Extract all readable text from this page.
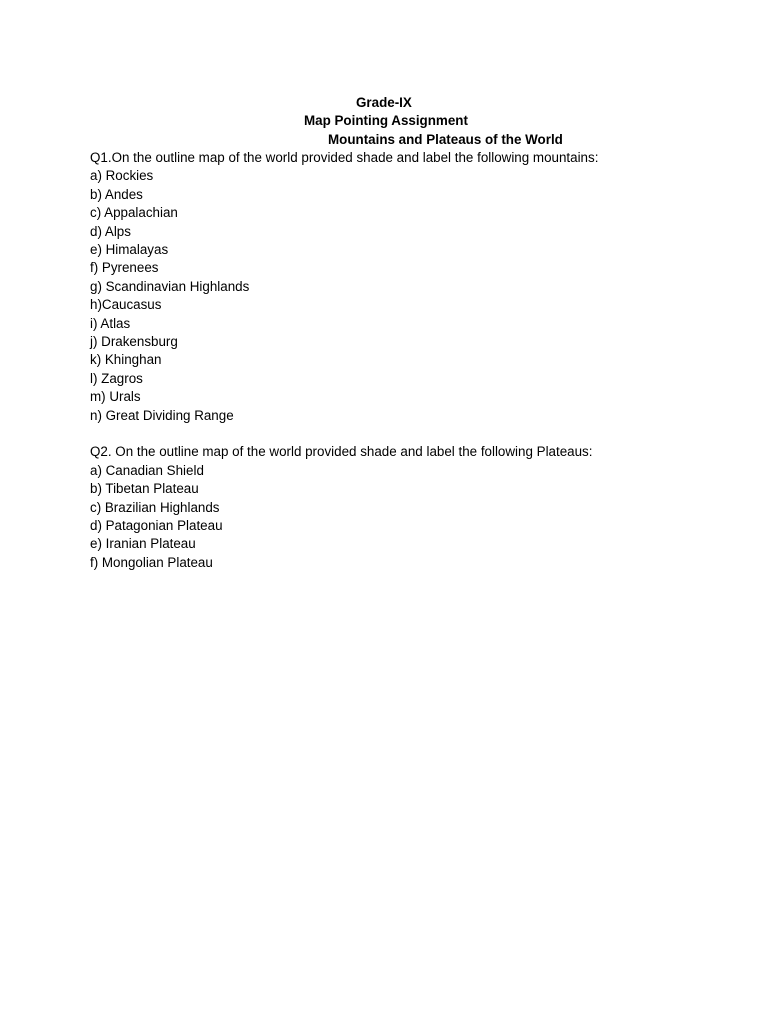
Grade-IX
Map Pointing Assignment
Mountains and Plateaus of the World
Q1.On the outline map of the world provided shade and label the following mountains:
a) Rockies
b) Andes
c) Appalachian
d) Alps
e) Himalayas
f) Pyrenees
g) Scandinavian Highlands
h)Caucasus
i) Atlas
j) Drakensburg
k) Khinghan
l) Zagros
m) Urals
n) Great Dividing Range
Q2. On the outline map of the world provided shade and label the following Plateaus:
a) Canadian Shield
b) Tibetan Plateau
c) Brazilian Highlands
d) Patagonian Plateau
e) Iranian Plateau
f) Mongolian Plateau
